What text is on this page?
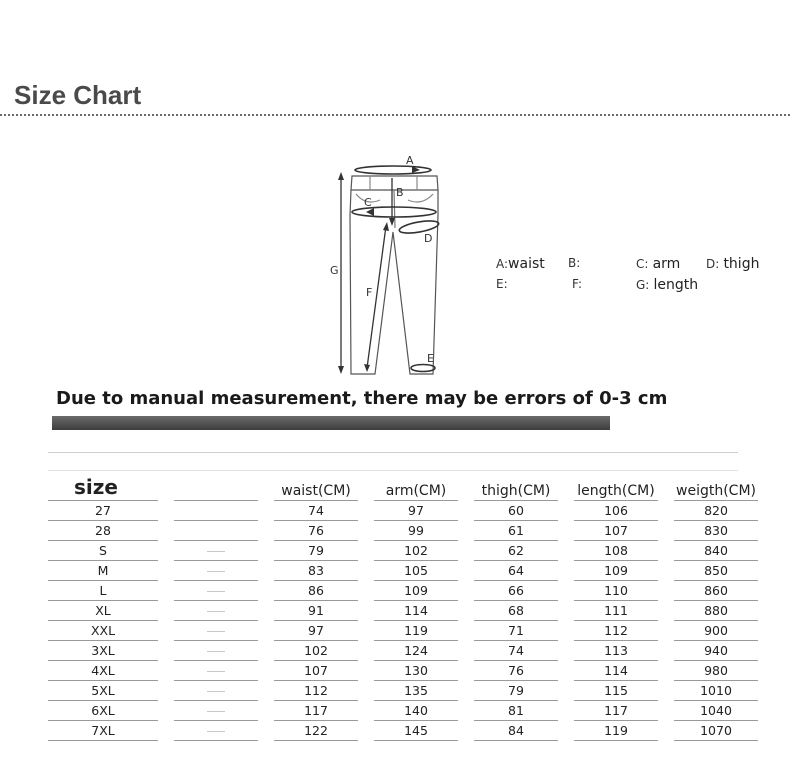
Size Chart
A
B
C
D
E
F
G	A:waist B:	C: arm D: thigh
E:	F:	G: length
Due to manual measurement, there may be errors of 0-3 cm
size				waist(CM)		arm(CM)		thigh(CM)		length(CM)		weigth(CM)
27				74		97		60		106		820
28				76		99		61		107		830
S				79		102		62		108		840
M				83		105		64		109		850
L				86		109		66		110		860
XL				91		114		68		111		880
XXL				97		119		71		112		900
3XL				102		124		74		113		940
4XL				107		130		76		114		980
5XL				112		135		79		115		1010
6XL				117		140		81		117		1040
7XL				122		145		84		119		1070
